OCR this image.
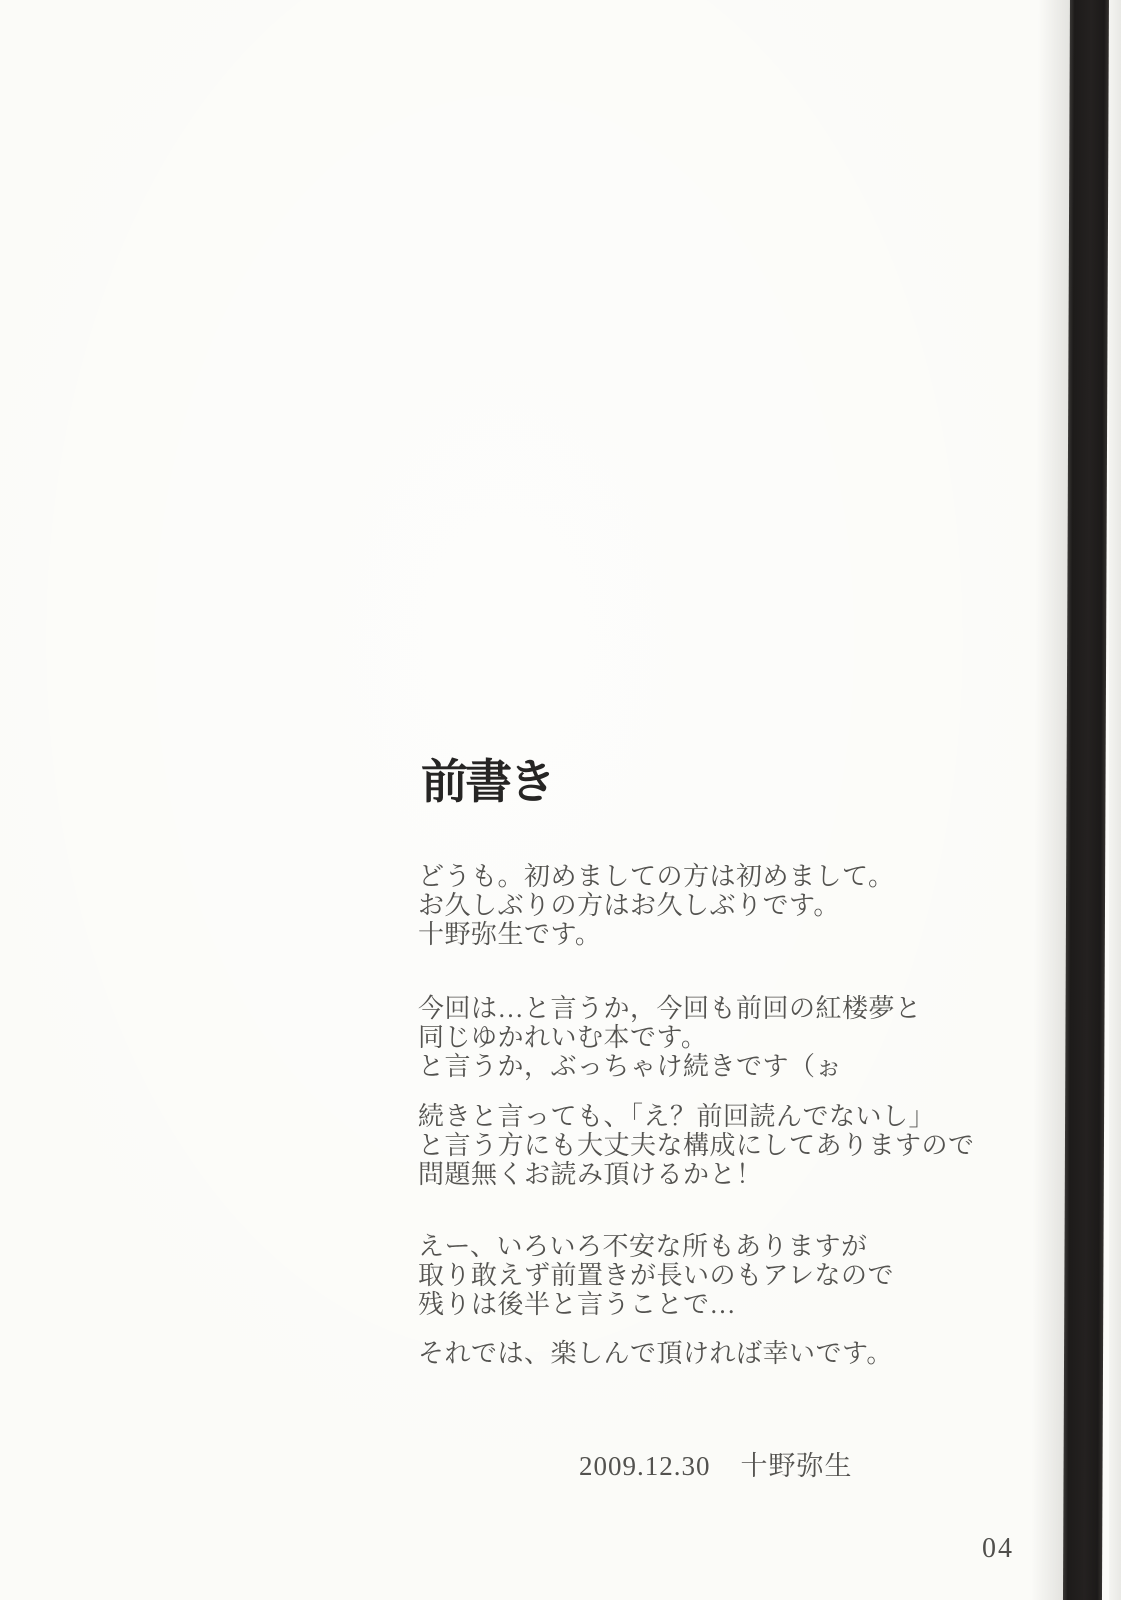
前書き

どうも。初めましての方は初めまして。
お久しぶりの方はお久しぶりです。
十野弥生です。

今回は…と言うか，今回も前回の紅楼夢と
同じゆかれいむ本です。
と言うか，ぶっちゃけ続きです（ぉ

続きと言っても、「え？前回読んでないし」
と言う方にも大丈夫な構成にしてありますので
問題無くお読み頂けるかと！

えー、いろいろ不安な所もありますが
取り敢えず前置きが長いのもアレなので
残りは後半と言うことで…

それでは、楽しんで頂ければ幸いです。

2009.12.30 十野弥生
04
